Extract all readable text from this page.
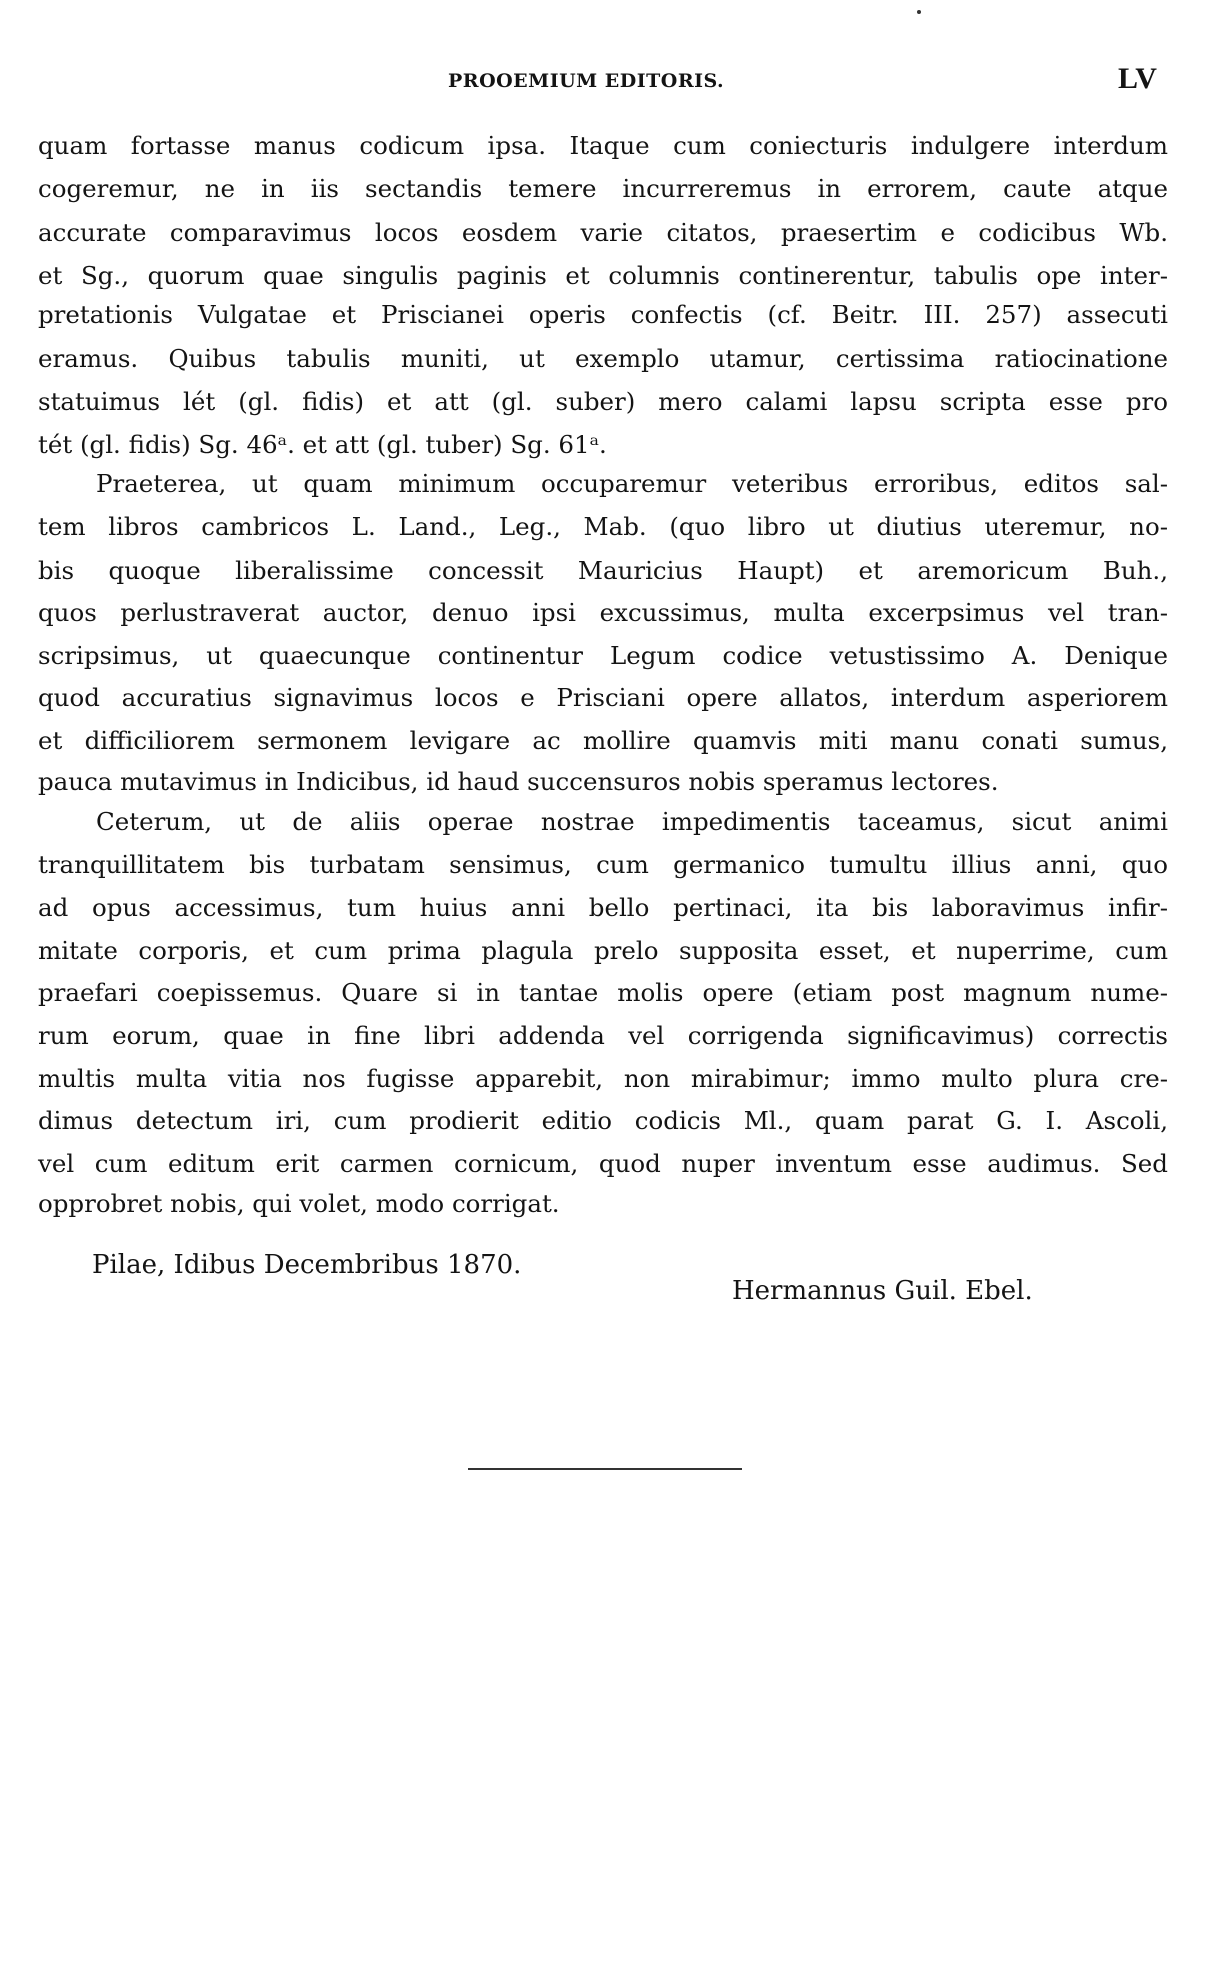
PROOEMIUM EDITORIS.	LV

quam fortasse manus codicum ipsa. Itaque cum coniecturis indulgere interdum

cogeremur, ne in iis sectandis temere incurreremus in errorem, caute atque

accurate comparavimus locos eosdem varie citatos, praesertim e codicibus Wb.

et Sg., quorum quae singulis paginis et columnis continerentur, tabulis ope inter-

pretationis Vulgatae et Priscianei operis confectis (cf. Beitr. III. 257) assecuti

eramus. Quibus tabulis muniti, ut exemplo utamur, certissima ratiocinatione

statuimus lét (gl. fidis) et att (gl. suber) mero calami lapsu scripta esse pro

tét (gl. fidis) Sg. 46ᵃ. et att (gl. tuber) Sg. 61ᵃ.

Praeterea, ut quam minimum occuparemur veteribus erroribus, editos sal-

tem libros cambricos L. Land., Leg., Mab. (quo libro ut diutius uteremur, no-

bis quoque liberalissime concessit Mauricius Haupt) et aremoricum Buh.,

quos perlustraverat auctor, denuo ipsi excussimus, multa excerpsimus vel tran-

scripsimus, ut quaecunque continentur Legum codice vetustissimo A. Denique

quod accuratius signavimus locos e Prisciani opere allatos, interdum asperiorem

et difficiliorem sermonem levigare ac mollire quamvis miti manu conati sumus,

pauca mutavimus in Indicibus, id haud succensuros nobis speramus lectores.

Ceterum, ut de aliis operae nostrae impedimentis taceamus, sicut animi

tranquillitatem bis turbatam sensimus, cum germanico tumultu illius anni, quo

ad opus accessimus, tum huius anni bello pertinaci, ita bis laboravimus infir-

mitate corporis, et cum prima plagula prelo supposita esset, et nuperrime, cum

praefari coepissemus. Quare si in tantae molis opere (etiam post magnum nume-

rum eorum, quae in fine libri addenda vel corrigenda significavimus) correctis

multis multa vitia nos fugisse apparebit, non mirabimur; immo multo plura cre-

dimus detectum iri, cum prodierit editio codicis Ml., quam parat G. I. Ascoli,

vel cum editum erit carmen cornicum, quod nuper inventum esse audimus. Sed

opprobret nobis, qui volet, modo corrigat.

Pilae, Idibus Decembribus 1870.
Hermannus Guil. Ebel.
